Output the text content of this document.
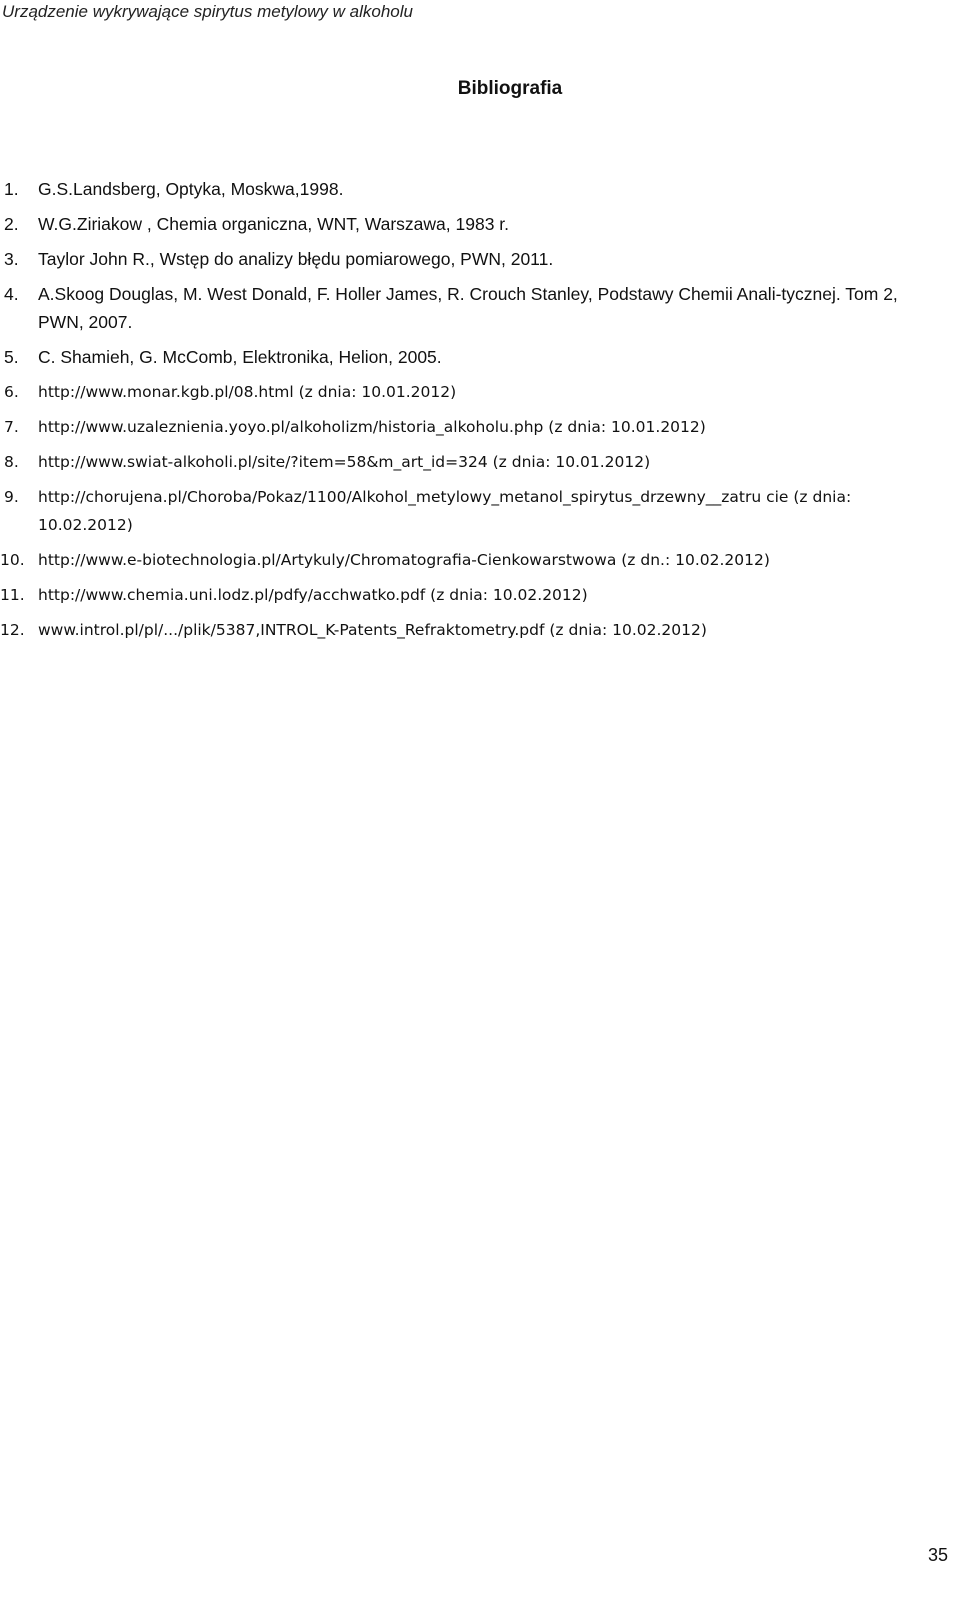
Urządzenie wykrywające spirytus metylowy w alkoholu
Bibliografia
1. G.S.Landsberg, Optyka, Moskwa,1998.
2. W.G.Ziriakow , Chemia organiczna, WNT, Warszawa, 1983 r.
3. Taylor John R., Wstęp do analizy błędu pomiarowego, PWN, 2011.
4. A.Skoog Douglas, M. West Donald, F. Holler James, R. Crouch Stanley, Podstawy Chemii Anali-tycznej. Tom 2, PWN, 2007.
5. C. Shamieh, G. McComb, Elektronika, Helion, 2005.
6. http://www.monar.kgb.pl/08.html (z dnia: 10.01.2012)
7. http://www.uzaleznienia.yoyo.pl/alkoholizm/historia_alkoholu.php (z dnia: 10.01.2012)
8. http://www.swiat-alkoholi.pl/site/?item=58&m_art_id=324 (z dnia: 10.01.2012)
9. http://chorujena.pl/Choroba/Pokaz/1100/Alkohol_metylowy_metanol_spirytus_drzewny__zatru cie (z dnia: 10.02.2012)
10. http://www.e-biotechnologia.pl/Artykuly/Chromatografia-Cienkowarstwowa (z dn.: 10.02.2012)
11. http://www.chemia.uni.lodz.pl/pdfy/acchwatko.pdf (z dnia: 10.02.2012)
12. www.introl.pl/pl/.../plik/5387,INTROL_K-Patents_Refraktometry.pdf (z dnia: 10.02.2012)
35
